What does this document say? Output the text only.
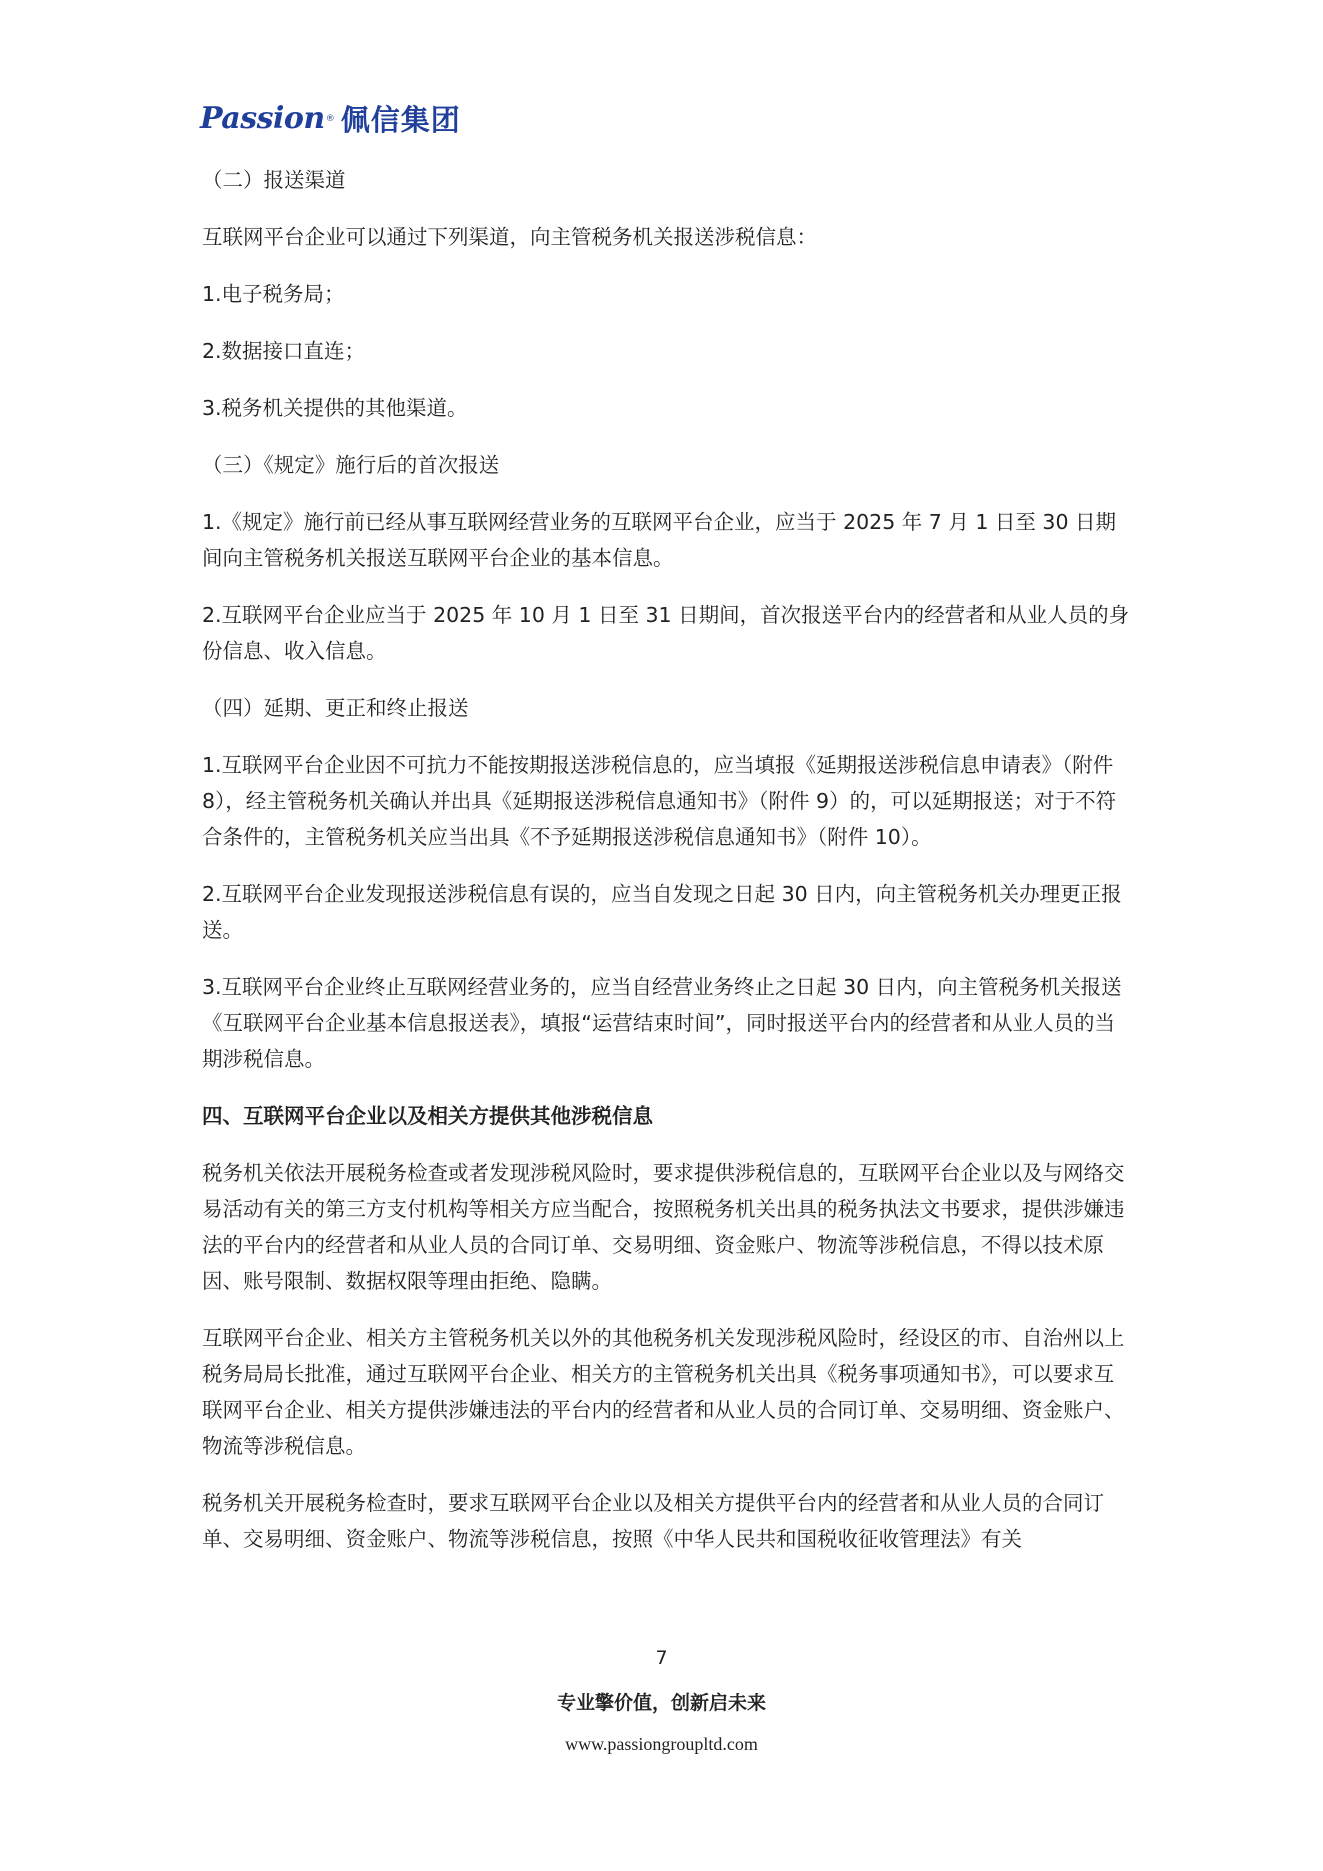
Passion ® 佩信集团

（二）报送渠道

互联网平台企业可以通过下列渠道，向主管税务机关报送涉税信息：

1.电子税务局；

2.数据接口直连；

3.税务机关提供的其他渠道。

（三）《规定》施行后的首次报送

1.《规定》施行前已经从事互联网经营业务的互联网平台企业，应当于 2025 年 7 月 1 日至 30 日期间向主管税务机关报送互联网平台企业的基本信息。

2.互联网平台企业应当于 2025 年 10 月 1 日至 31 日期间，首次报送平台内的经营者和从业人员的身份信息、收入信息。

（四）延期、更正和终止报送

1.互联网平台企业因不可抗力不能按期报送涉税信息的，应当填报《延期报送涉税信息申请表》（附件 8），经主管税务机关确认并出具《延期报送涉税信息通知书》（附件 9）的，可以延期报送；对于不符合条件的，主管税务机关应当出具《不予延期报送涉税信息通知书》（附件 10）。

2.互联网平台企业发现报送涉税信息有误的，应当自发现之日起 30 日内，向主管税务机关办理更正报送。

3.互联网平台企业终止互联网经营业务的，应当自经营业务终止之日起 30 日内，向主管税务机关报送《互联网平台企业基本信息报送表》，填报“运营结束时间”，同时报送平台内的经营者和从业人员的当期涉税信息。

四、互联网平台企业以及相关方提供其他涉税信息

税务机关依法开展税务检查或者发现涉税风险时，要求提供涉税信息的，互联网平台企业以及与网络交易活动有关的第三方支付机构等相关方应当配合，按照税务机关出具的税务执法文书要求，提供涉嫌违法的平台内的经营者和从业人员的合同订单、交易明细、资金账户、物流等涉税信息，不得以技术原因、账号限制、数据权限等理由拒绝、隐瞒。

互联网平台企业、相关方主管税务机关以外的其他税务机关发现涉税风险时，经设区的市、自治州以上税务局局长批准，通过互联网平台企业、相关方的主管税务机关出具《税务事项通知书》，可以要求互联网平台企业、相关方提供涉嫌违法的平台内的经营者和从业人员的合同订单、交易明细、资金账户、物流等涉税信息。

税务机关开展税务检查时，要求互联网平台企业以及相关方提供平台内的经营者和从业人员的合同订单、交易明细、资金账户、物流等涉税信息，按照《中华人民共和国税收征收管理法》有关

7
专业擎价值，创新启未来
www.passiongroupltd.com
